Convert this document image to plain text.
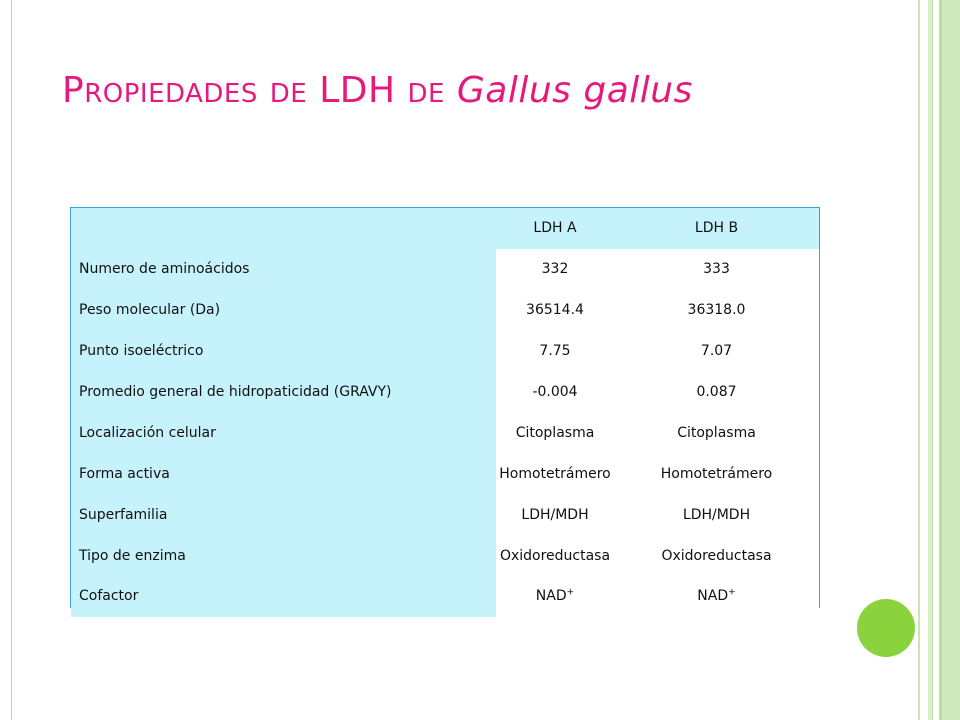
PROPIEDADES DE LDH DE Gallus gallus
	LDH A	LDH B
Numero de aminoácidos	332	333
Peso molecular (Da)	36514.4	36318.0
Punto isoeléctrico	7.75	7.07
Promedio general de hidropaticidad (GRAVY)	-0.004	0.087
Localización celular	Citoplasma	Citoplasma
Forma activa	Homotetrámero	Homotetrámero
Superfamilia	LDH/MDH	LDH/MDH
Tipo de enzima	Oxidoreductasa	Oxidoreductasa
Cofactor	NAD+	NAD+
